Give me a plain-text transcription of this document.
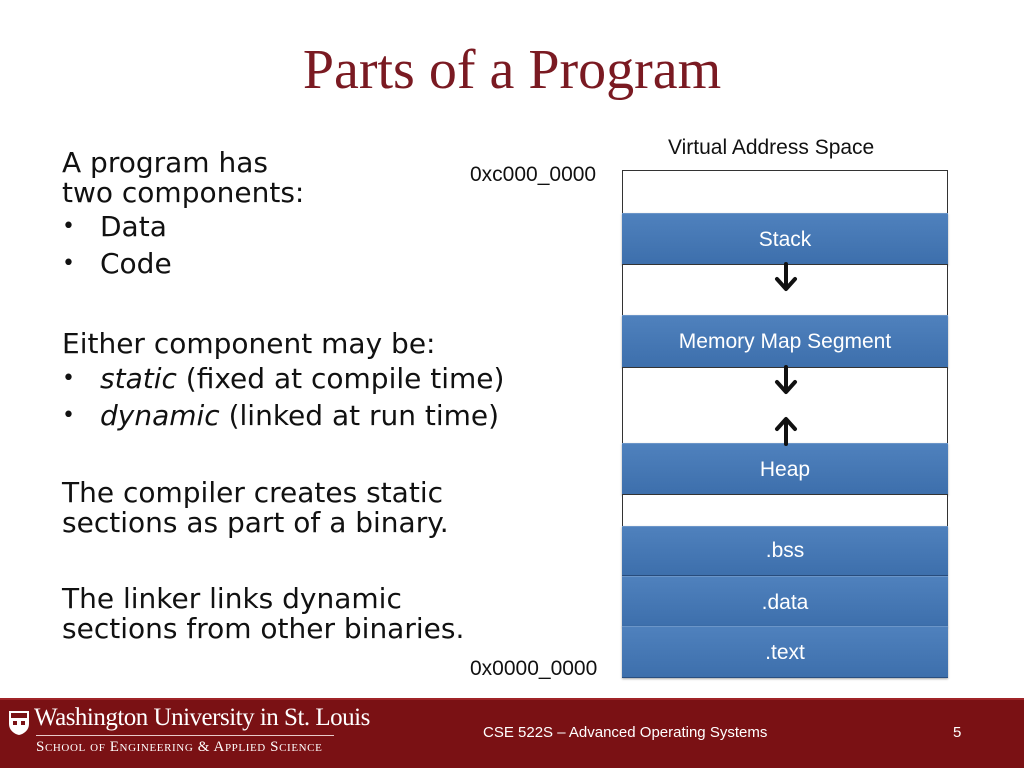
Parts of a Program
A program has
two components:
• Data
• Code
Either component may be:
• static (fixed at compile time)
• dynamic (linked at run time)
The compiler creates static
sections as part of a binary.
The linker links dynamic
sections from other binaries.
Virtual Address Space
0xc000_0000
0x0000_0000
Stack
Memory Map Segment
Heap
.bss
.data
.text
Washington University in St. Louis
School of Engineering & Applied Science
CSE 522S – Advanced Operating Systems	5
